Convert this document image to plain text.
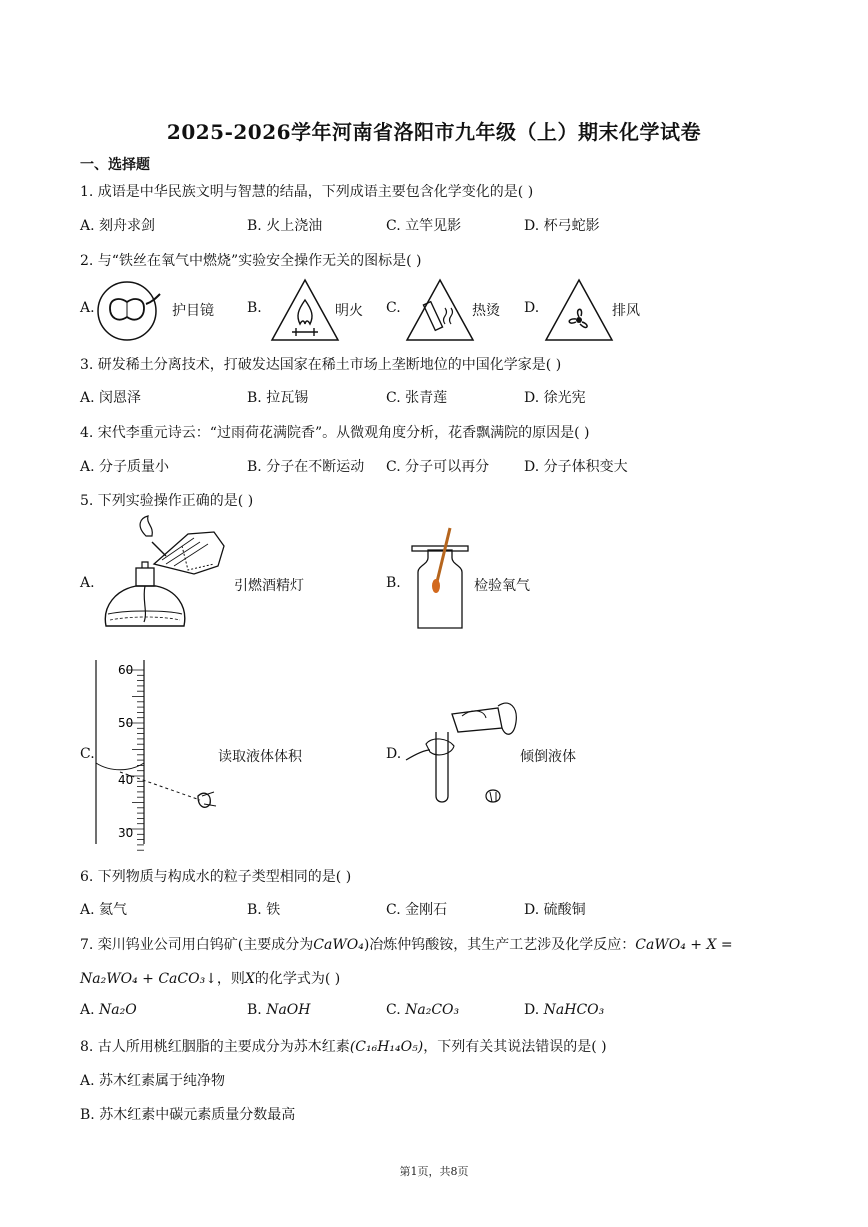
2025-2026学年河南省洛阳市九年级（上）期末化学试卷
一、选择题
1. 成语是中华民族文明与智慧的结晶，下列成语主要包含化学变化的是( )
A. 刻舟求剑	B. 火上浇油	C. 立竿见影	D. 杯弓蛇影
2. 与“铁丝在氧气中燃烧”实验安全操作无关的图标是( )
A.	护目镜 B.	明火 C.	热烫 D.	排风
3. 研发稀土分离技术，打破发达国家在稀土市场上垄断地位的中国化学家是( )
A. 闵恩泽	B. 拉瓦锡	C. 张青莲	D. 徐光宪
4. 宋代李重元诗云：“过雨荷花满院香”。从微观角度分析，花香飘满院的原因是( )
A. 分子质量小	B. 分子在不断运动 C. 分子可以再分 D. 分子体积变大
5. 下列实验操作正确的是( )
A.	引燃酒精灯	B.	检验氧气
C.
60
50
40
30
读取液体体积	D.	倾倒液体
6. 下列物质与构成水的粒子类型相同的是( )
A. 氦气	B. 铁	C. 金刚石	D. 硫酸铜
7. 栾川钨业公司用白钨矿(主要成分为CaWO₄)冶炼仲钨酸铵，其生产工艺涉及化学反应：CaWO₄ + X =
Na₂WO₄ + CaCO₃↓，则X的化学式为( )
A. Na₂O	B. NaOH	C. Na₂CO₃	D. NaHCO₃
8. 古人所用桃红胭脂的主要成分为苏木红素(C₁₆H₁₄O₅)，下列有关其说法错误的是( )
A. 苏木红素属于纯净物
B. 苏木红素中碳元素质量分数最高
第1页，共8页
